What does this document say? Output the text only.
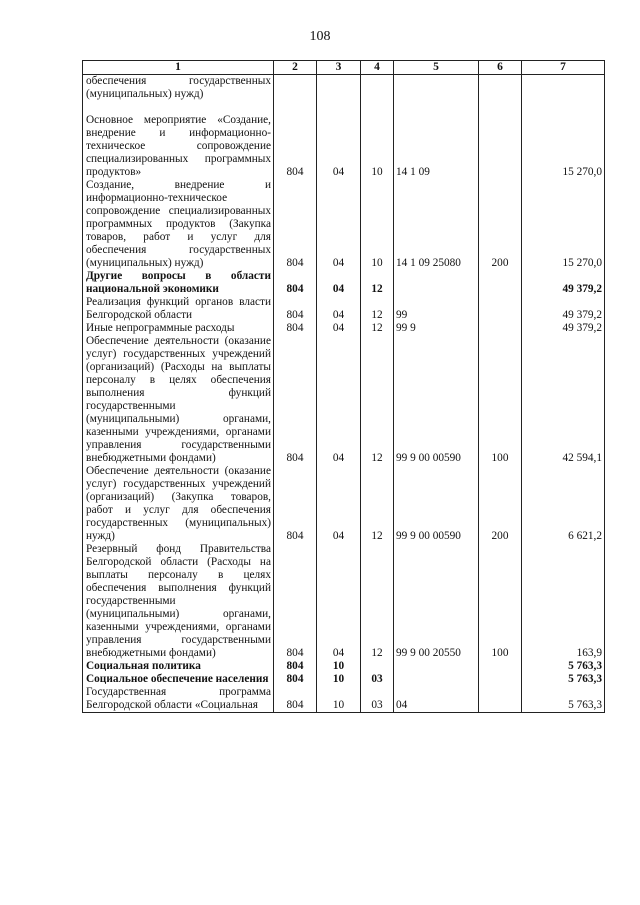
108
1	2	3	4	5	6	7
обеспечения государственных (муниципальных) нужд)

Основное мероприятие «Создание, внедрение и информационно-техническое сопровождение специализированных программных продуктов»	804	04	10	14 1 09		15 270,0
Создание, внедрение и информационно-техническое сопровождение специализированных программных продуктов (Закупка товаров, работ и услуг для обеспечения государственных (муниципальных) нужд)	804	04	10	14 1 09 25080	200	15 270,0
Другие вопросы в области национальной экономики	804	04	12			49 379,2
Реализация функций органов власти Белгородской области	804	04	12	99		49 379,2
Иные непрограммные расходы	804	04	12	99 9		49 379,2
Обеспечение деятельности (оказание услуг) государственных учреждений (организаций) (Расходы на выплаты персоналу в целях обеспечения выполнения функций государственными (муниципальными) органами, казенными учреждениями, органами управления государственными внебюджетными фондами)	804	04	12	99 9 00 00590	100	42 594,1
Обеспечение деятельности (оказание услуг) государственных учреждений (организаций) (Закупка товаров, работ и услуг для обеспечения государственных (муниципальных) нужд)	804	04	12	99 9 00 00590	200	6 621,2
Резервный фонд Правительства Белгородской области (Расходы на выплаты персоналу в целях обеспечения выполнения функций государственными (муниципальными) органами, казенными учреждениями, органами управления государственными внебюджетными фондами)	804	04	12	99 9 00 20550	100	163,9
Социальная политика	804	10				5 763,3
Социальное обеспечение населения	804	10	03			5 763,3
Государственная программа Белгородской области «Социальная	804	10	03	04		5 763,3
